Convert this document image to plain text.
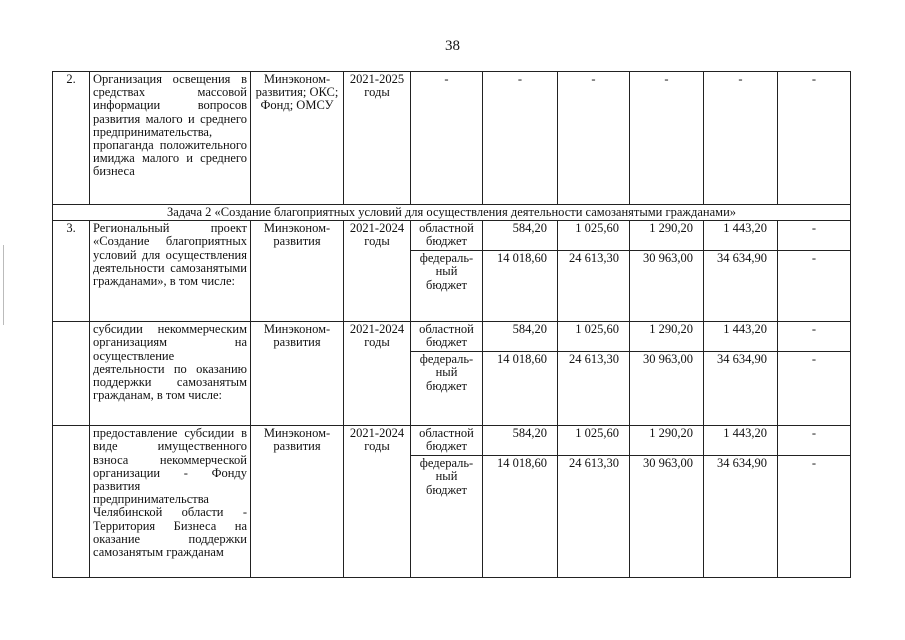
38
2.	Организация освещения в средствах массовой информации вопросов развития малого и среднего предпринимательства, пропаганда положительного имиджа малого и среднего бизнеса	Минэконом-развития; ОКС; Фонд; ОМСУ	2021-2025 годы	-	-	-	-	-	-
Задача 2 «Создание благоприятных условий для осуществления деятельности самозанятыми гражданами»									
3.	Региональный проект «Создание благоприятных условий для осуществления деятельности самозанятыми гражданами», в том числе:	Минэконом-развития	2021-2024 годы	областной бюджет	584,20	1 025,60	1 290,20	1 443,20	-
				федераль-ный бюджет	14 018,60	24 613,30	30 963,00	34 634,90	-
	субсидии некоммерческим организациям на осуществление деятельности по оказанию поддержки самозанятым гражданам, в том числе:	Минэконом-развития	2021-2024 годы	областной бюджет	584,20	1 025,60	1 290,20	1 443,20	-
				федераль-ный бюджет	14 018,60	24 613,30	30 963,00	34 634,90	-
	предоставление субсидии в виде имущественного взноса некоммерческой организации - Фонду развития предпринимательства Челябинской области - Территория Бизнеса на оказание поддержки самозанятым гражданам	Минэконом-развития	2021-2024 годы	областной бюджет	584,20	1 025,60	1 290,20	1 443,20	-
				федераль-ный бюджет	14 018,60	24 613,30	30 963,00	34 634,90	-
